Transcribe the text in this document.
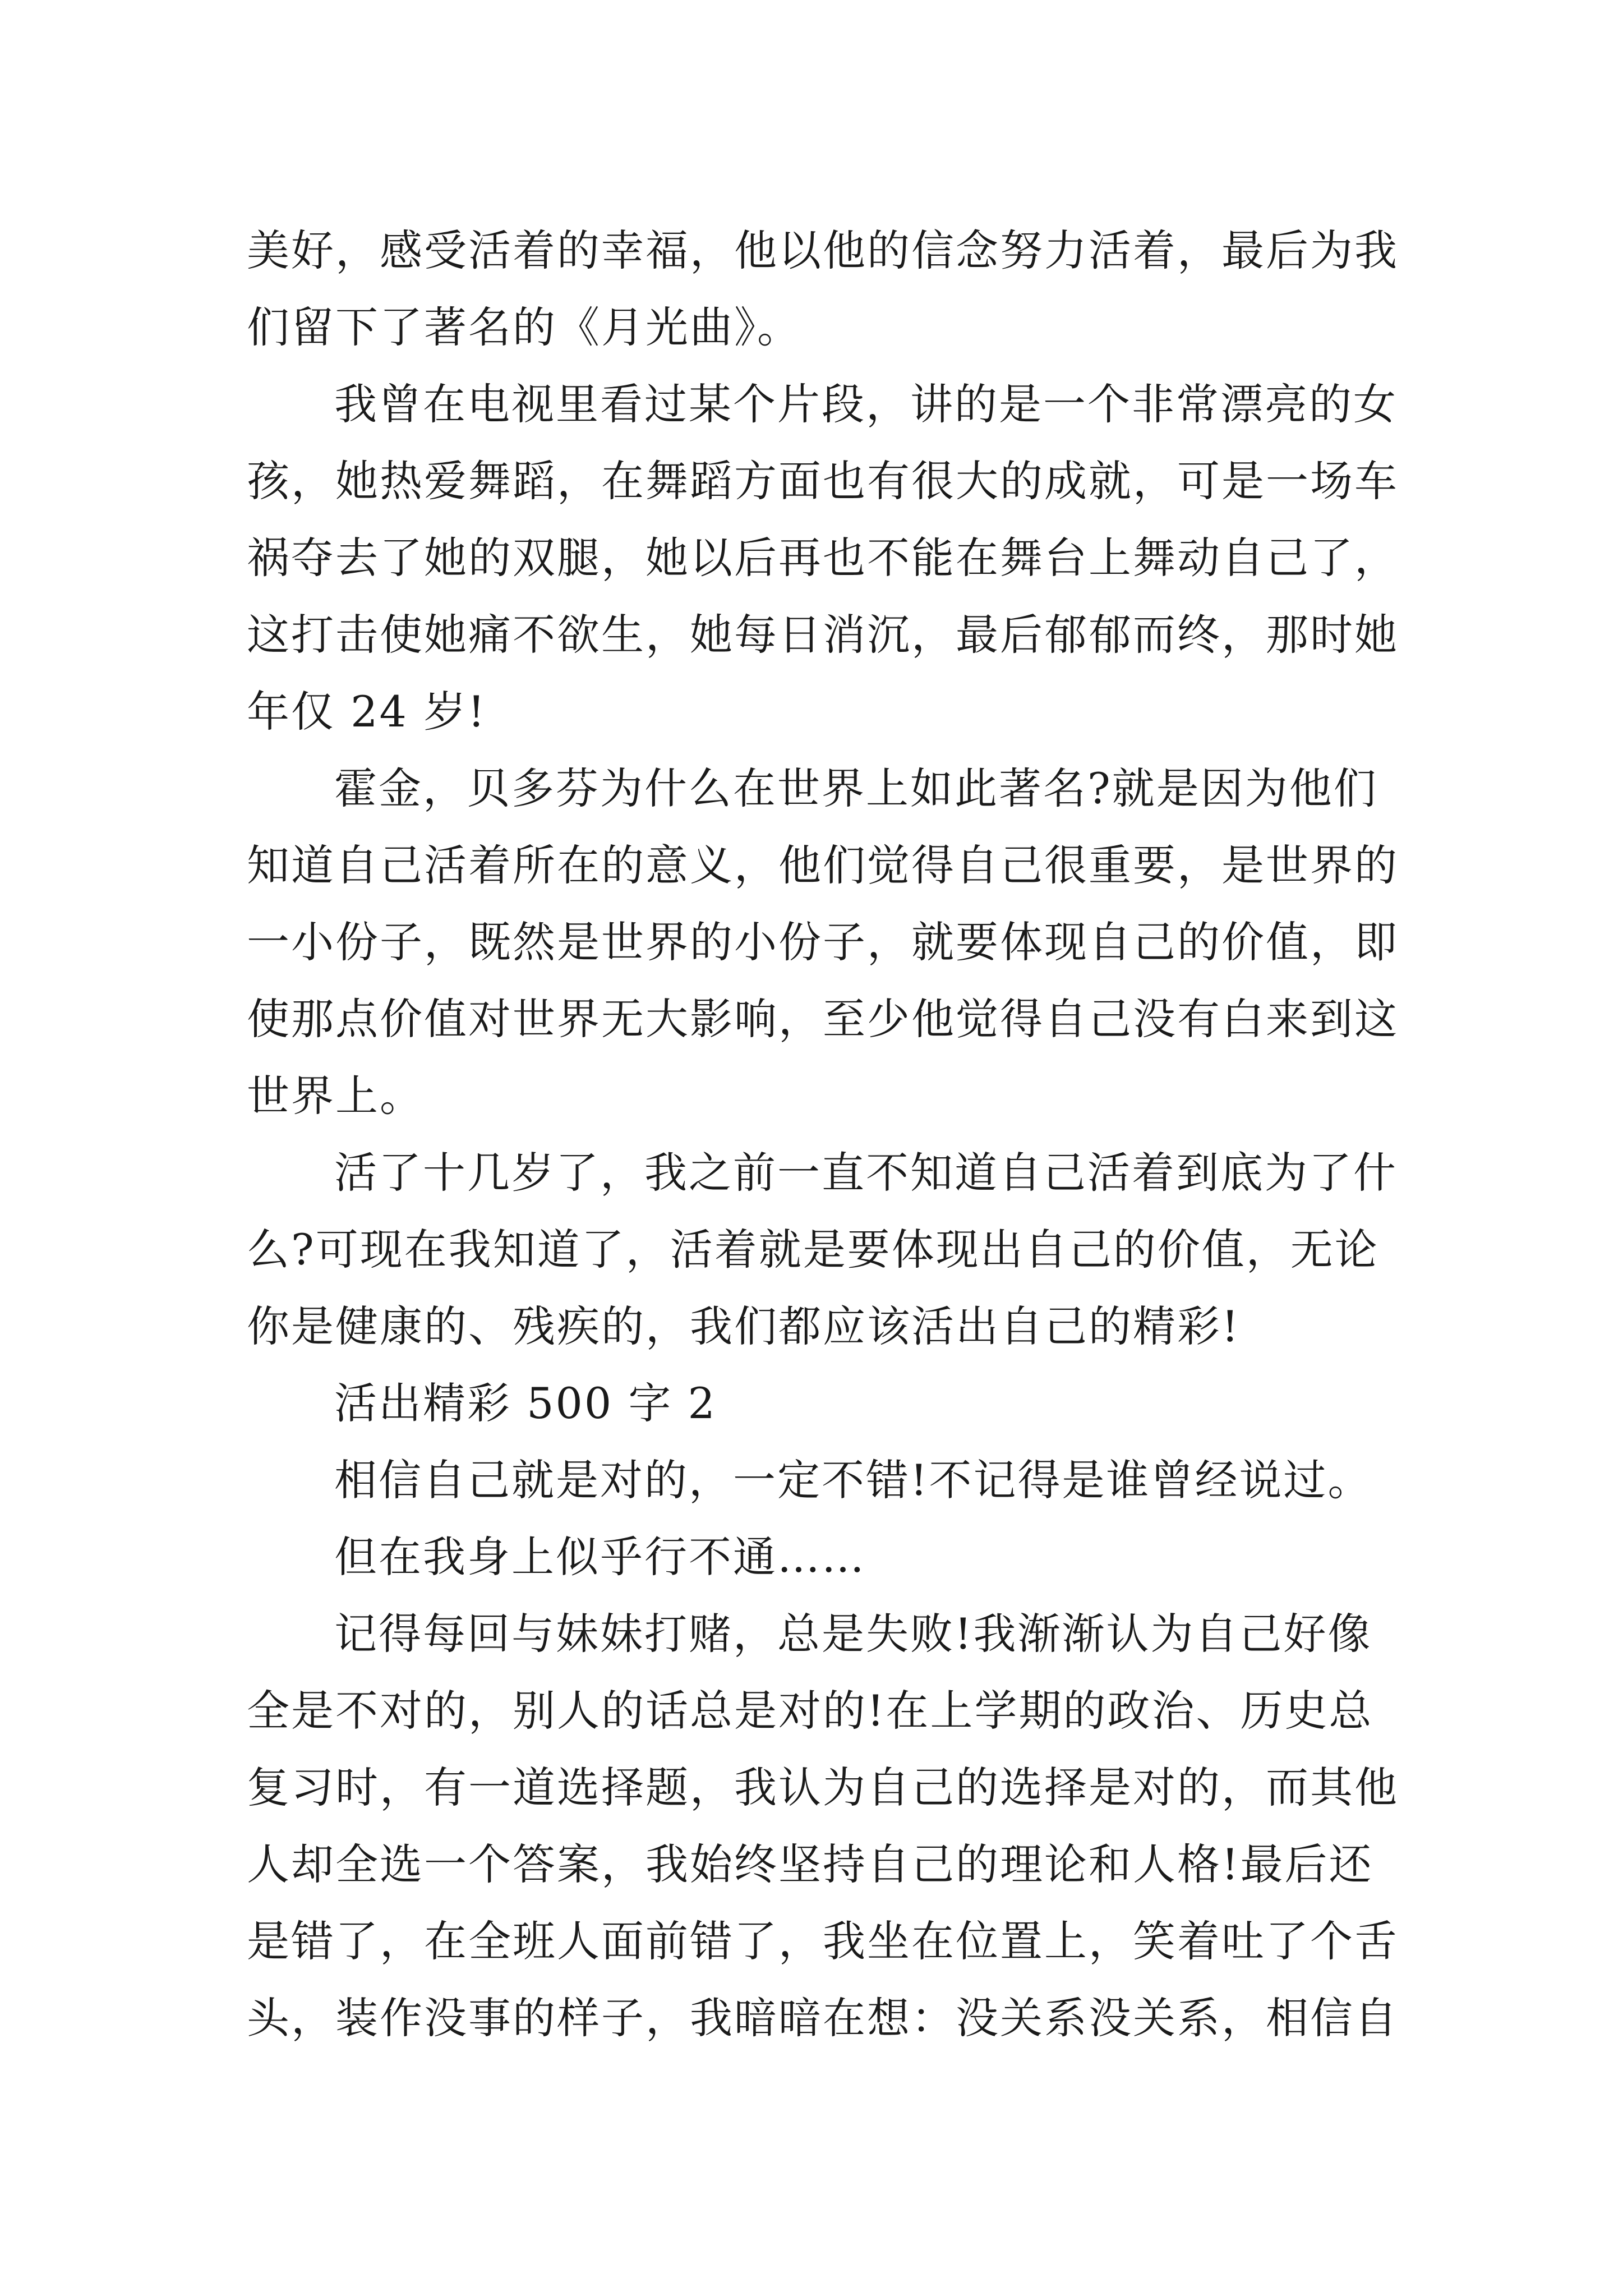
美好，感受活着的幸福，他以他的信念努力活着，最后为我
们留下了著名的《月光曲》。

我曾在电视里看过某个片段，讲的是一个非常漂亮的女
孩，她热爱舞蹈，在舞蹈方面也有很大的成就，可是一场车
祸夺去了她的双腿，她以后再也不能在舞台上舞动自己了，
这打击使她痛不欲生，她每日消沉，最后郁郁而终，那时她
年仅 24 岁!

霍金，贝多芬为什么在世界上如此著名?就是因为他们
知道自己活着所在的意义，他们觉得自己很重要，是世界的
一小份子，既然是世界的小份子，就要体现自己的价值，即
使那点价值对世界无大影响，至少他觉得自己没有白来到这
世界上。

活了十几岁了，我之前一直不知道自己活着到底为了什
么?可现在我知道了，活着就是要体现出自己的价值，无论
你是健康的、残疾的，我们都应该活出自己的精彩!

活出精彩 500 字 2

相信自己就是对的，一定不错!不记得是谁曾经说过。

但在我身上似乎行不通……

记得每回与妹妹打赌，总是失败!我渐渐认为自己好像
全是不对的，别人的话总是对的!在上学期的政治、历史总
复习时，有一道选择题，我认为自己的选择是对的，而其他
人却全选一个答案，我始终坚持自己的理论和人格!最后还
是错了，在全班人面前错了，我坐在位置上，笑着吐了个舌
头，装作没事的样子，我暗暗在想：没关系没关系，相信自
